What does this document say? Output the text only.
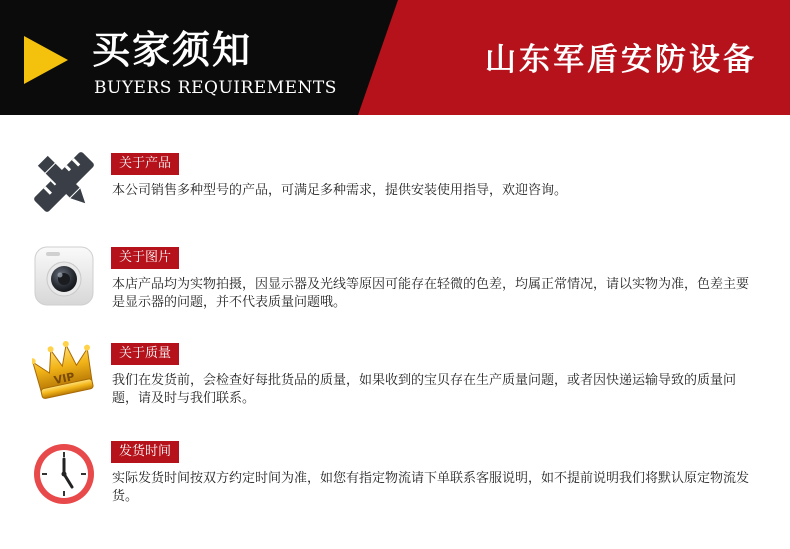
买家须知
BUYERS REQUIREMENTS
山东军盾安防设备
关于产品
本公司销售多种型号的产品，可满足多种需求，提供安装使用指导，欢迎咨询。
关于图片
本店产品均为实物拍摄，因显示器及光线等原因可能存在轻微的色差，均属正常情况，请以实物为准，色差主要是显示器的问题，并不代表质量问题哦。
VIP
关于质量
我们在发货前，会检查好每批货品的质量，如果收到的宝贝存在生产质量问题，或者因快递运输导致的质量问题，请及时与我们联系。
发货时间
实际发货时间按双方约定时间为准，如您有指定物流请下单联系客服说明，如不提前说明我们将默认原定物流发货。
